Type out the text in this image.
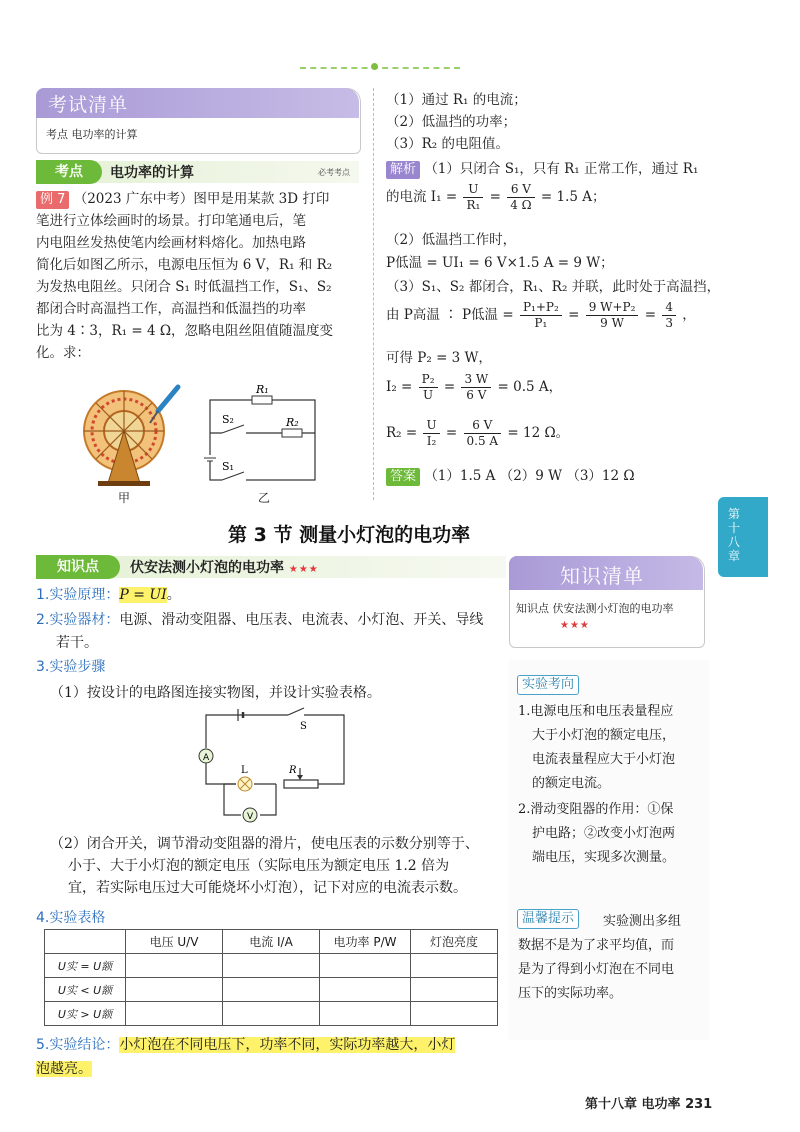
考试清单
考点 电功率的计算
考点	电功率的计算	必考考点
例 7 （2023 广东中考）图甲是用某款 3D 打印
笔进行立体绘画时的场景。打印笔通电后，笔
内电阻丝发热使笔内绘画材料熔化。加热电路
简化后如图乙所示，电源电压恒为 6 V，R₁ 和 R₂
为发热电阻丝。只闭合 S₁ 时低温挡工作，S₁、S₂
都闭合时高温挡工作，高温挡和低温挡的功率
比为 4∶3，R₁ = 4 Ω，忽略电阻丝阻值随温度变
化。求：
甲
R₁
R₂
S₂
S₁
乙
（1）通过 R₁ 的电流；
（2）低温挡的功率；
（3）R₂ 的电阻值。
解析 （1）只闭合 S₁，只有 R₁ 正常工作，通过 R₁
的电流 $I_1 = \frac{U}{\text{R₁}} = \frac{6 V}{4 \Omega} = 1.5$ A；
（2）低温挡工作时，
P低温 = UI₁ = 6 V×1.5 A = 9 W；
（3）S₁、S₂ 都闭合，R₁、R₂ 并联，此时处于高温挡，
由 P高温 ∶ P低温 = $\frac{\text{P₁+P₂}}{\text{P₁}} = \frac{\text{9 W+P₂}}{9 W} = \frac{4}{3}$ ，
可得 P₂ = 3 W，
$I_2 = \frac{\text{P₂}}{U} = \frac{3 W}{6 V} = 0.5$ A，
$R_2 = \frac{U}{\text{I₂}} = \frac{6 V}{0.5 A} = 12$ Ω。
答案 （1）1.5 A （2）9 W （3）12 Ω
第十八章
第 3 节 测量小灯泡的电功率
知识点	伏安法测小灯泡的电功率 ★★★
1.实验原理：P = UI。
2.实验器材：电源、滑动变阻器、电压表、电流表、小灯泡、开关、导线
若干。
3.实验步骤
（1）按设计的电路图连接实物图，并设计实验表格。
A
V
S
L	R
（2）闭合开关，调节滑动变阻器的滑片，使电压表的示数分别等于、
小于、大于小灯泡的额定电压（实际电压为额定电压 1.2 倍为
宜，若实际电压过大可能烧坏小灯泡），记下对应的电流表示数。
4.实验表格
	电压 U/V	电流 I/A	电功率 P/W	灯泡亮度
U实 = U额				
U实 < U额				
U实 > U额				
5.实验结论：小灯泡在不同电压下，功率不同，实际功率越大，小灯
泡越亮。
知识清单
知识点 伏安法测小灯泡的电功率
★★★
实验考向
1.电源电压和电压表量程应
大于小灯泡的额定电压，
电流表量程应大于小灯泡
的额定电流。
2.滑动变阻器的作用：①保
护电路；②改变小灯泡两
端电压，实现多次测量。
温馨提示	实验测出多组
数据不是为了求平均值，而
是为了得到小灯泡在不同电
压下的实际功率。
第十八章 电功率 231
